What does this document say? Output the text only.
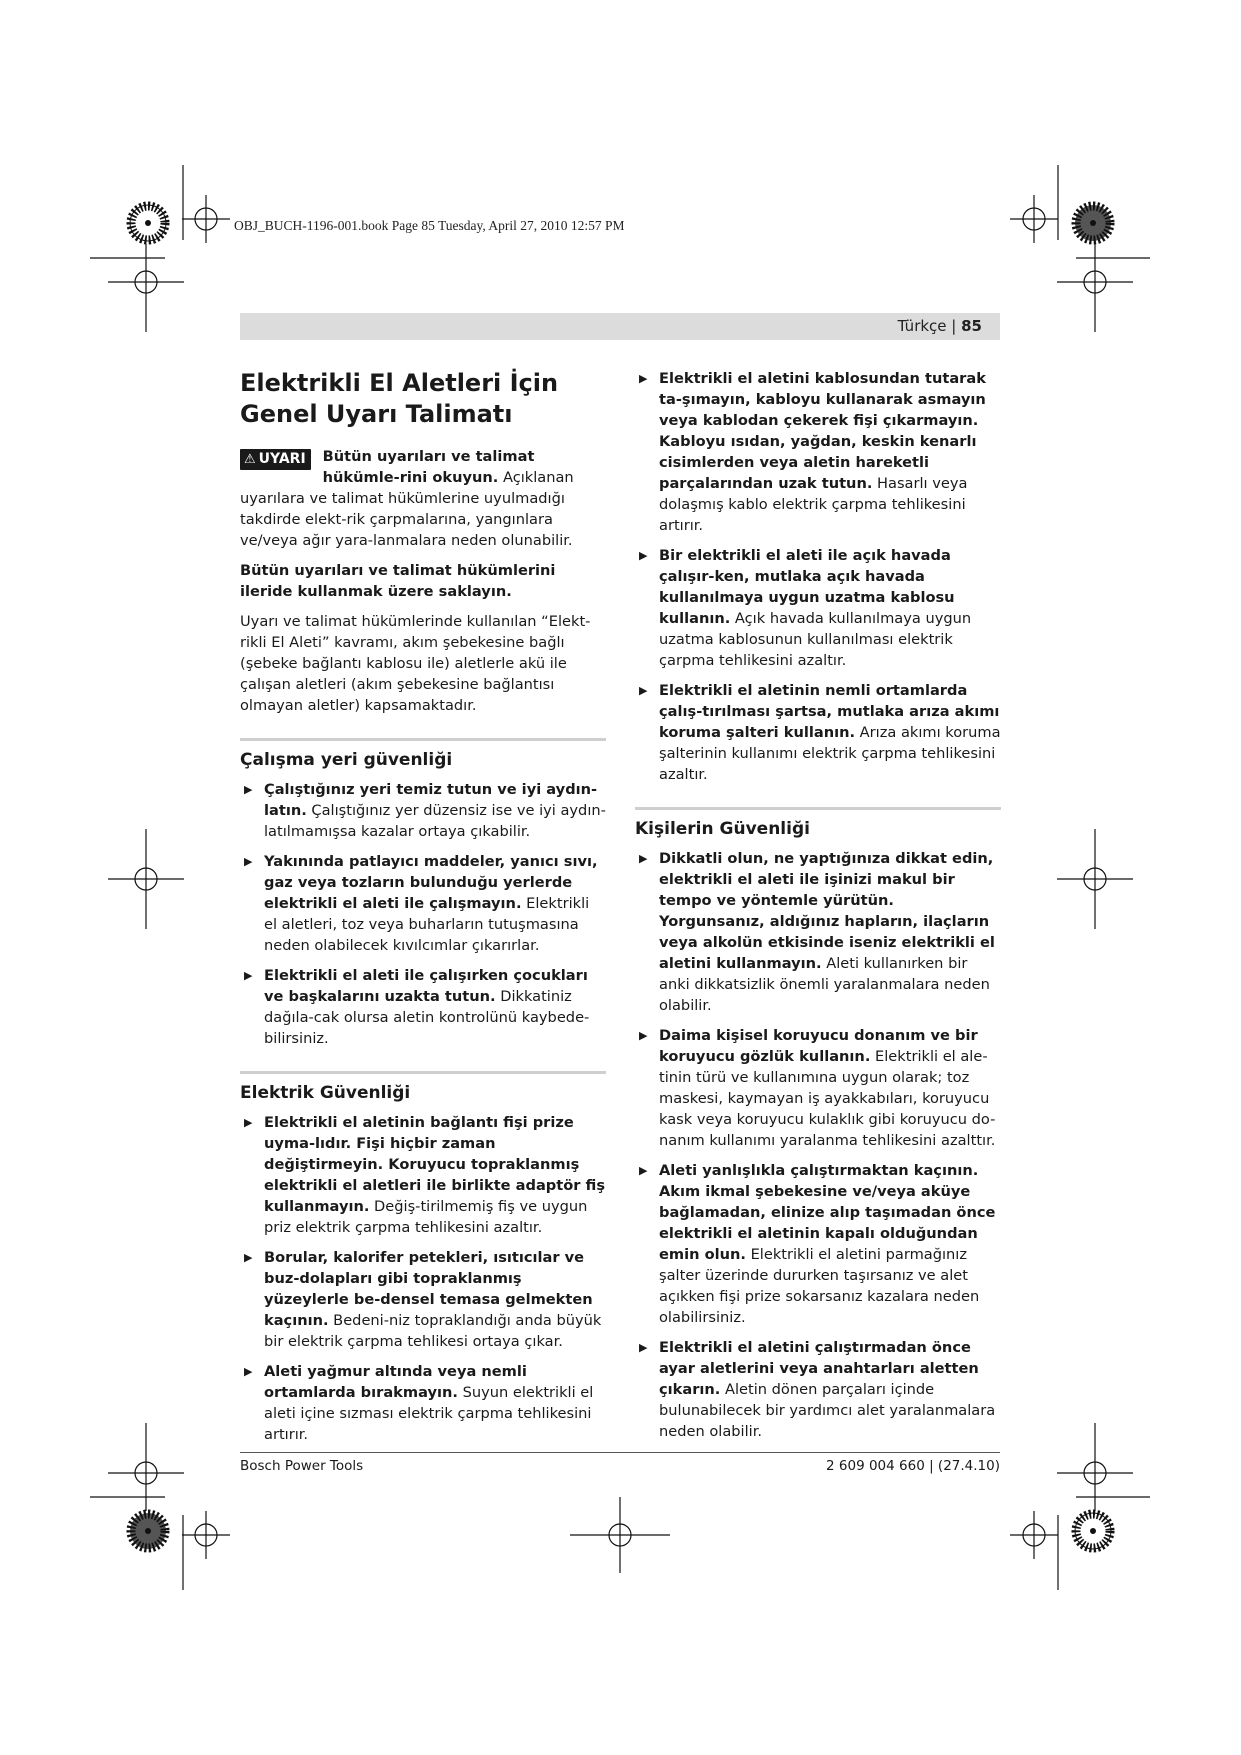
OBJ_BUCH-1196-001.book Page 85 Tuesday, April 27, 2010 12:57 PM
Türkçe | 85
Elektrikli El Aletleri İçin Genel Uyarı Talimatı
⚠ UYARI	Bütün uyarıları ve talimat hükümle-rini okuyun. Açıklanan uyarılara ve talimat hükümlerine uyulmadığı takdirde elekt-rik çarpmalarına, yangınlara ve/veya ağır yara-lanmalara neden olunabilir.

Bütün uyarıları ve talimat hükümlerini ileride kullanmak üzere saklayın.

Uyarı ve talimat hükümlerinde kullanılan “Elekt-rikli El Aleti” kavramı, akım şebekesine bağlı (şebeke bağlantı kablosu ile) aletlerle akü ile çalışan aletleri (akım şebekesine bağlantısı olmayan aletler) kapsamaktadır.

Çalışma yeri güvenliği
▶ Çalıştığınız yeri temiz tutun ve iyi aydın-latın. Çalıştığınız yer düzensiz ise ve iyi aydın-latılmamışsa kazalar ortaya çıkabilir.
▶ Yakınında patlayıcı maddeler, yanıcı sıvı, gaz veya tozların bulunduğu yerlerde elektrikli el aleti ile çalışmayın. Elektrikli el aletleri, toz veya buharların tutuşmasına neden olabilecek kıvılcımlar çıkarırlar.
▶ Elektrikli el aleti ile çalışırken çocukları ve başkalarını uzakta tutun. Dikkatiniz dağıla-cak olursa aletin kontrolünü kaybede-bilirsiniz.
Elektrik Güvenliği
▶ Elektrikli el aletinin bağlantı fişi prize uyma-lıdır. Fişi hiçbir zaman değiştirmeyin. Koruyucu topraklanmış elektrikli el aletleri ile birlikte adaptör fiş kullanmayın. Değiş-tirilmemiş fiş ve uygun priz elektrik çarpma tehlikesini azaltır.
▶ Borular, kalorifer petekleri, ısıtıcılar ve buz-dolapları gibi topraklanmış yüzeylerle be-densel temasa gelmekten kaçının. Bedeni-niz topraklandığı anda büyük bir elektrik çarpma tehlikesi ortaya çıkar.
▶ Aleti yağmur altında veya nemli ortamlarda bırakmayın. Suyun elektrikli el aleti içine sızması elektrik çarpma tehlikesini artırır.
▶ Elektrikli el aletini kablosundan tutarak ta-şımayın, kabloyu kullanarak asmayın veya kablodan çekerek fişi çıkarmayın. Kabloyu ısıdan, yağdan, keskin kenarlı cisimlerden veya aletin hareketli parçalarından uzak tutun. Hasarlı veya dolaşmış kablo elektrik çarpma tehlikesini artırır.
▶ Bir elektrikli el aleti ile açık havada çalışır-ken, mutlaka açık havada kullanılmaya uygun uzatma kablosu kullanın. Açık havada kullanılmaya uygun uzatma kablosunun kullanılması elektrik çarpma tehlikesini azaltır.
▶ Elektrikli el aletinin nemli ortamlarda çalış-tırılması şartsa, mutlaka arıza akımı koruma şalteri kullanın. Arıza akımı koruma şalterinin kullanımı elektrik çarpma tehlikesini azaltır.
Kişilerin Güvenliği
▶ Dikkatli olun, ne yaptığınıza dikkat edin, elektrikli el aleti ile işinizi makul bir tempo ve yöntemle yürütün. Yorgunsanız, aldığınız hapların, ilaçların veya alkolün etkisinde iseniz elektrikli el aletini kullanmayın. Aleti kullanırken bir anki dikkatsizlik önemli yaralanmalara neden olabilir.
▶ Daima kişisel koruyucu donanım ve bir koruyucu gözlük kullanın. Elektrikli el ale-tinin türü ve kullanımına uygun olarak; toz maskesi, kaymayan iş ayakkabıları, koruyucu kask veya koruyucu kulaklık gibi koruyucu do-nanım kullanımı yaralanma tehlikesini azalttır.
▶ Aleti yanlışlıkla çalıştırmaktan kaçının. Akım ikmal şebekesine ve/veya aküye bağlamadan, elinize alıp taşımadan önce elektrikli el aletinin kapalı olduğundan emin olun. Elektrikli el aletini parmağınız şalter üzerinde dururken taşırsanız ve alet açıkken fişi prize sokarsanız kazalara neden olabilirsiniz.
▶ Elektrikli el aletini çalıştırmadan önce ayar aletlerini veya anahtarları aletten çıkarın. Aletin dönen parçaları içinde bulunabilecek bir yardımcı alet yaralanmalara neden olabilir.
Bosch Power Tools	2 609 004 660 | (27.4.10)
